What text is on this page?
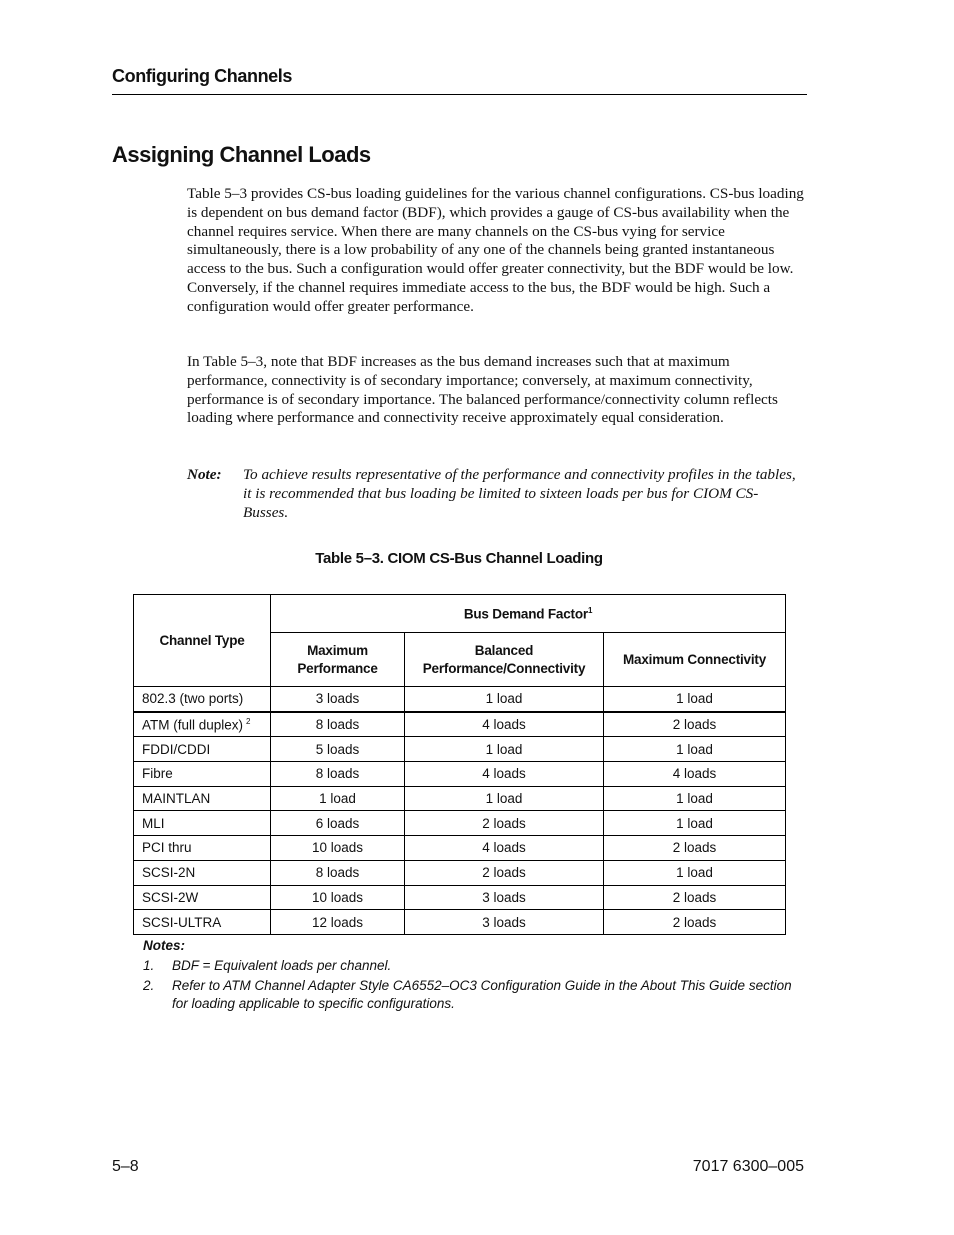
Configuring Channels
Assigning Channel Loads

Table 5–3 provides CS-bus loading guidelines for the various channel configurations. CS-bus loading is dependent on bus demand factor (BDF), which provides a gauge of CS-bus availability when the channel requires service. When there are many channels on the CS-bus vying for service simultaneously, there is a low probability of any one of the channels being granted instantaneous access to the bus. Such a configuration would offer greater connectivity, but the BDF would be low. Conversely, if the channel requires immediate access to the bus, the BDF would be high. Such a configuration would offer greater performance.

In Table 5–3, note that BDF increases as the bus demand increases such that at maximum performance, connectivity is of secondary importance; conversely, at maximum connectivity, performance is of secondary importance. The balanced performance/connectivity column reflects loading where performance and connectivity receive approximately equal consideration.

Note: To achieve results representative of the performance and connectivity profiles in the tables, it is recommended that bus loading be limited to sixteen loads per bus for CIOM CS-Busses.
Table 5–3. CIOM CS-Bus Channel Loading
Channel Type	Bus Demand Factor$^1$
	Maximum Performance	Balanced Performance/Connectivity	Maximum Connectivity
802.3 (two ports)	3 loads	1 load	1 load
ATM (full duplex) $^2$	8 loads	4 loads	2 loads
FDDI/CDDI	5 loads	1 load	1 load
Fibre	8 loads	4 loads	4 loads
MAINTLAN	1 load	1 load	1 load
MLI	6 loads	2 loads	1 load
PCI thru	10 loads	4 loads	2 loads
SCSI-2N	8 loads	2 loads	1 load
SCSI-2W	10 loads	3 loads	2 loads
SCSI-ULTRA	12 loads	3 loads	2 loads
Notes:
1. BDF = Equivalent loads per channel.
2. Refer to ATM Channel Adapter Style CA6552–OC3 Configuration Guide in the About This Guide section for loading applicable to specific configurations.
5–8	7017 6300–005
